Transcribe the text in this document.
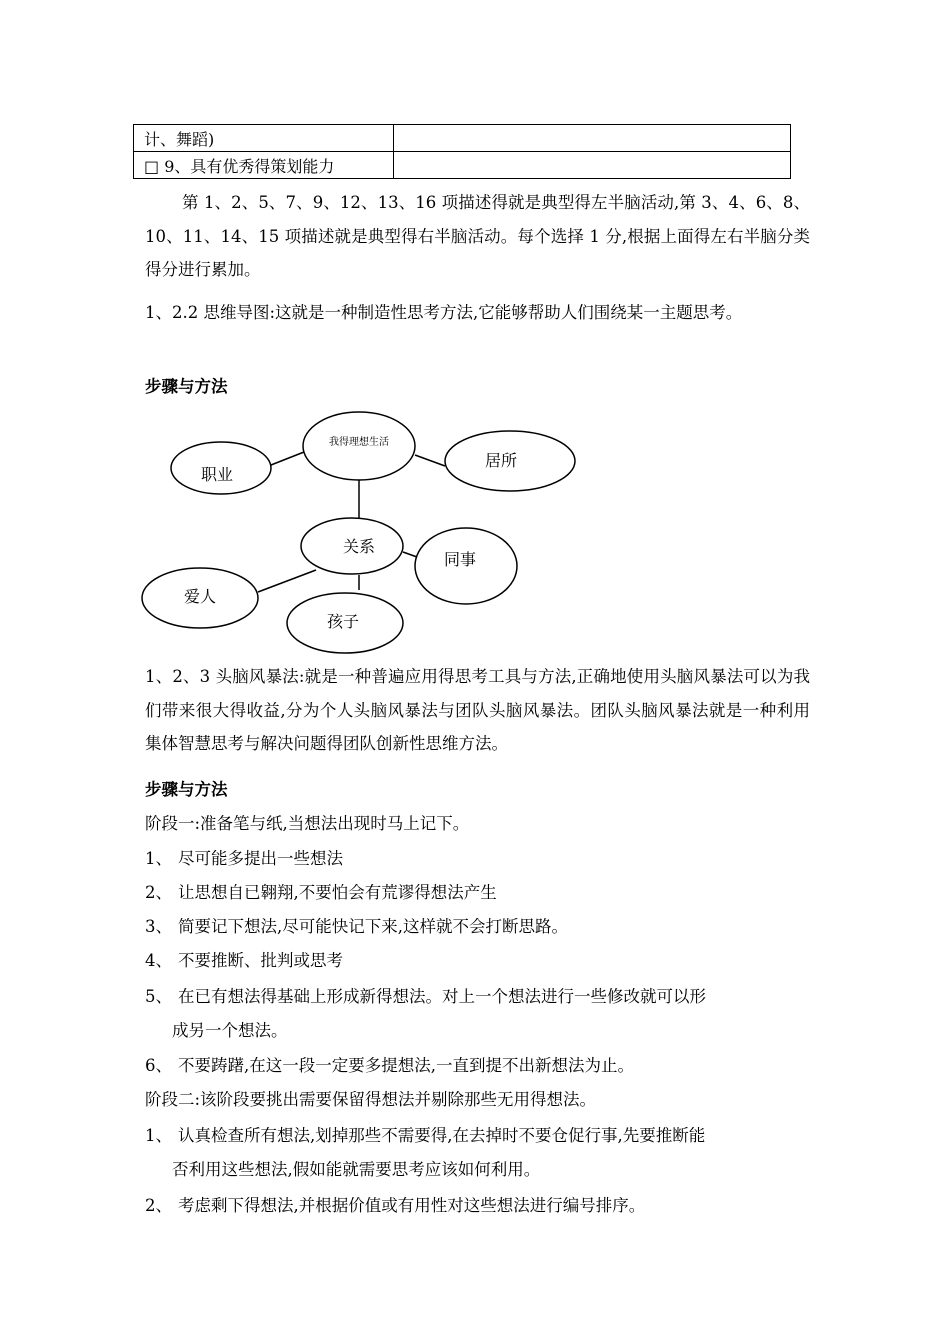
计、舞蹈)	
□ 9、具有优秀得策划能力	

第 1、2、5、7、9、12、13、16 项描述得就是典型得左半脑活动,第 3、4、6、8、10、11、14、15 项描述就是典型得右半脑活动。每个选择 1 分,根据上面得左右半脑分类得分进行累加。

1、2.2 思维导图:这就是一种制造性思考方法,它能够帮助人们围绕某一主题思考。

步骤与方法

我得理想生活
职业
居所
关系
同事
爱人
孩子

1、2、3 头脑风暴法:就是一种普遍应用得思考工具与方法,正确地使用头脑风暴法可以为我们带来很大得收益,分为个人头脑风暴法与团队头脑风暴法。团队头脑风暴法就是一种利用集体智慧思考与解决问题得团队创新性思维方法。

步骤与方法

阶段一:准备笔与纸,当想法出现时马上记下。

1、 尽可能多提出一些想法

2、 让思想自已翱翔,不要怕会有荒谬得想法产生

3、 简要记下想法,尽可能快记下来,这样就不会打断思路。

4、 不要推断、批判或思考

5、 在已有想法得基础上形成新得想法。对上一个想法进行一些修改就可以形

成另一个想法。

6、 不要踌躇,在这一段一定要多提想法,一直到提不出新想法为止。

阶段二:该阶段要挑出需要保留得想法并剔除那些无用得想法。

1、 认真检查所有想法,划掉那些不需要得,在去掉时不要仓促行事,先要推断能

否利用这些想法,假如能就需要思考应该如何利用。

2、 考虑剩下得想法,并根据价值或有用性对这些想法进行编号排序。
